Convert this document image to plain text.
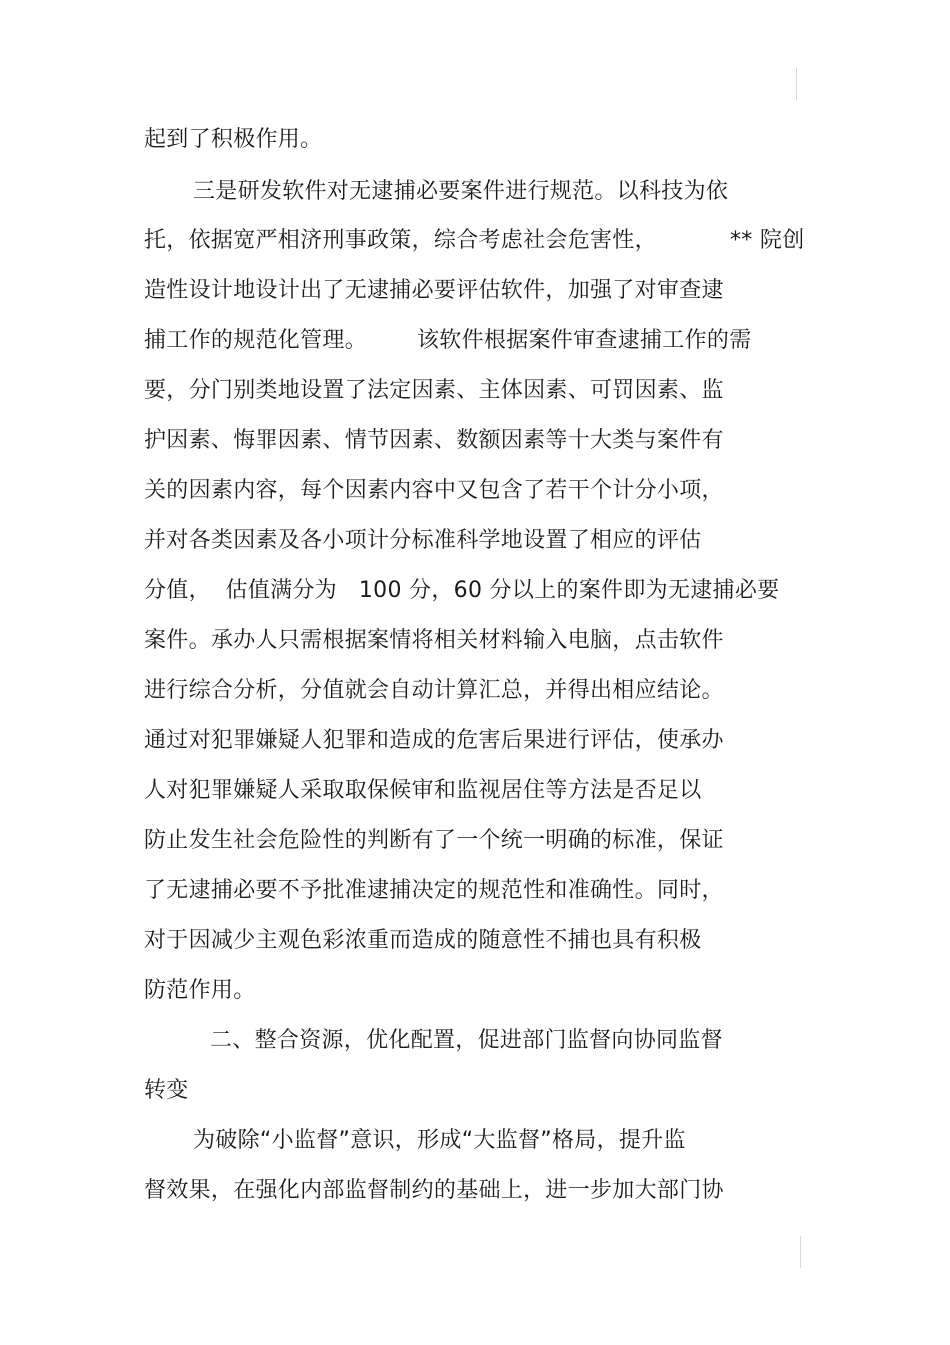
起到了积极作用。
三是研发软件对无逮捕必要案件进行规范。以科技为依
托，依据宽严相济刑事政策，综合考虑社会危害性，	** 院创
造性设计地设计出了无逮捕必要评估软件，加强了对审查逮
捕工作的规范化管理。 该软件根据案件审查逮捕工作的需
要，分门别类地设置了法定因素、主体因素、可罚因素、监
护因素、悔罪因素、情节因素、数额因素等十大类与案件有
关的因素内容，每个因素内容中又包含了若干个计分小项，
并对各类因素及各小项计分标准科学地设置了相应的评估
分值，  估值满分为   100 分，60 分以上的案件即为无逮捕必要
案件。承办人只需根据案情将相关材料输入电脑，点击软件
进行综合分析，分值就会自动计算汇总，并得出相应结论。
通过对犯罪嫌疑人犯罪和造成的危害后果进行评估，使承办
人对犯罪嫌疑人采取取保候审和监视居住等方法是否足以
防止发生社会危险性的判断有了一个统一明确的标准，保证
了无逮捕必要不予批准逮捕决定的规范性和准确性。同时，
对于因减少主观色彩浓重而造成的随意性不捕也具有积极
防范作用。
二、整合资源，优化配置，促进部门监督向协同监督
转变
为破除“小监督”意识，形成“大监督”格局，提升监
督效果，在强化内部监督制约的基础上，进一步加大部门协
